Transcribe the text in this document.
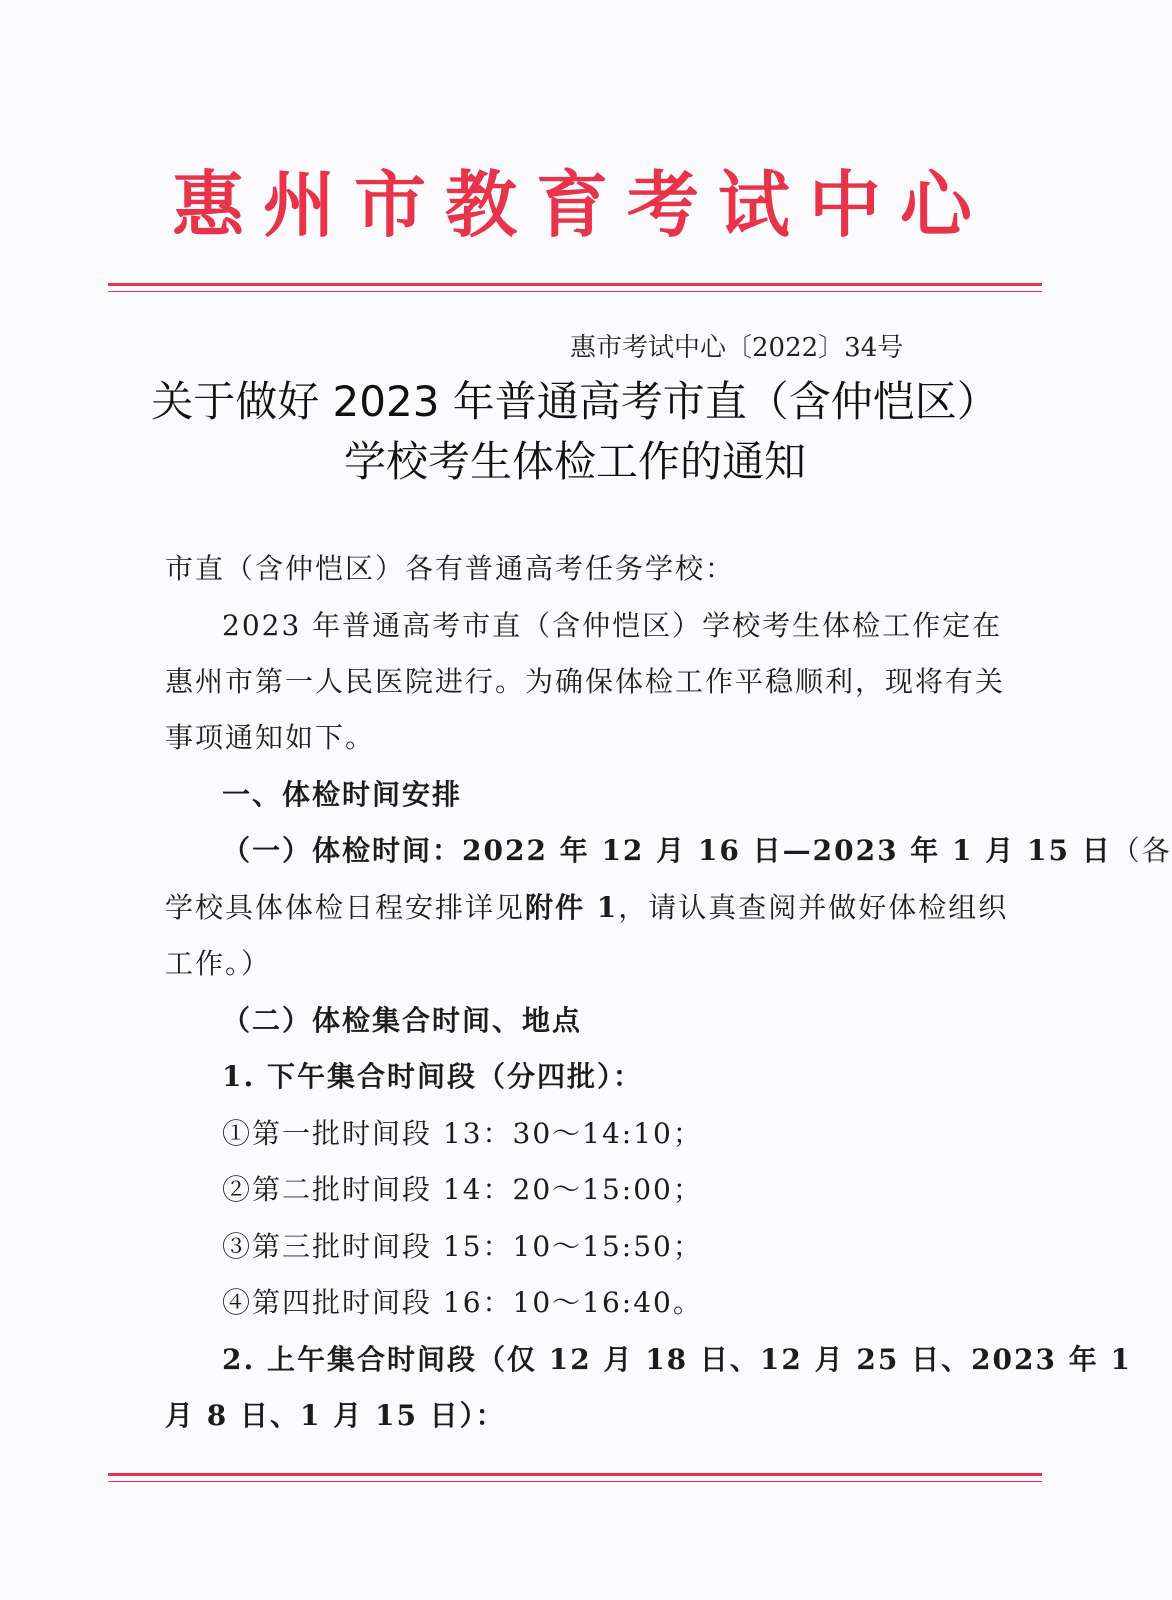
惠 州 市 教 育 考 试 中 心
惠市考试中心〔2022〕34号
关于做好 2023 年普通高考市直（含仲恺区）
学校考生体检工作的通知
市直（含仲恺区）各有普通高考任务学校：
2023 年普通高考市直（含仲恺区）学校考生体检工作定在
惠州市第一人民医院进行。为确保体检工作平稳顺利，现将有关
事项通知如下。
一、体检时间安排
（一）体检时间：2022 年 12 月 16 日—2023 年 1 月 15 日（各
学校具体体检日程安排详见附件 1，请认真查阅并做好体检组织
工作。）
（二）体检集合时间、地点
1. 下午集合时间段（分四批）：
①第一批时间段 13：30～14:10；
②第二批时间段 14：20～15:00；
③第三批时间段 15：10～15:50；
④第四批时间段 16：10～16:40。
2. 上午集合时间段（仅 12 月 18 日、12 月 25 日、2023 年 1
月 8 日、1 月 15 日）：
